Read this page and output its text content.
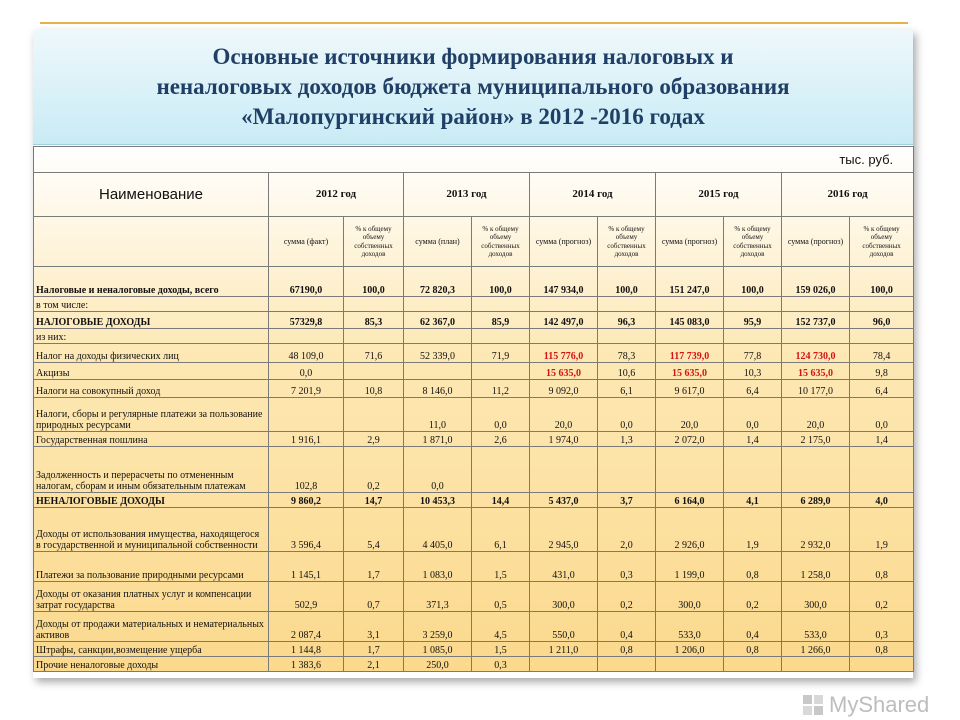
Основные источники формирования налоговых и
неналоговых доходов бюджета муниципального образования
«Малопургинский район» в 2012 -2016 годах
тыс. руб.										
Наименование	2012 год		2013 год		2014 год		2015 год		2016 год	
	сумма (факт)	% к общему объему собственных доходов	сумма (план)	% к общему объему собственных доходов	сумма (прогноз)	% к общему объему собственных доходов	сумма (прогноз)	% к общему объему собственных доходов	сумма (прогноз)	% к общему объему собственных доходов
Налоговые и неналоговые доходы, всего	67190,0	100,0	72 820,3	100,0	147 934,0	100,0	151 247,0	100,0	159 026,0	100,0
в том числе:										
НАЛОГОВЫЕ ДОХОДЫ	57329,8	85,3	62 367,0	85,9	142 497,0	96,3	145 083,0	95,9	152 737,0	96,0
из них:										
Налог на доходы физических лиц	48 109,0	71,6	52 339,0	71,9	115 776,0	78,3	117 739,0	77,8	124 730,0	78,4
Акцизы	0,0				15 635,0	10,6	15 635,0	10,3	15 635,0	9,8
Налоги на совокупный доход	7 201,9	10,8	8 146,0	11,2	9 092,0	6,1	9 617,0	6,4	10 177,0	6,4
Налоги, сборы и регулярные платежи за пользование природных ресурсами			11,0	0,0	20,0	0,0	20,0	0,0	20,0	0,0
Государственная пошлина	1 916,1	2,9	1 871,0	2,6	1 974,0	1,3	2 072,0	1,4	2 175,0	1,4
Задолженность и перерасчеты по отмененным налогам, сборам и иным обязательным платежам	102,8	0,2	0,0							
НЕНАЛОГОВЫЕ ДОХОДЫ	9 860,2	14,7	10 453,3	14,4	5 437,0	3,7	6 164,0	4,1	6 289,0	4,0
Доходы от использования имущества, находящегося в государственной и муниципальной собственности	3 596,4	5,4	4 405,0	6,1	2 945,0	2,0	2 926,0	1,9	2 932,0	1,9
Платежи за пользование природными ресурсами	1 145,1	1,7	1 083,0	1,5	431,0	0,3	1 199,0	0,8	1 258,0	0,8
Доходы от оказания платных услуг и компенсации затрат государства	502,9	0,7	371,3	0,5	300,0	0,2	300,0	0,2	300,0	0,2
Доходы от продажи материальных и нематериальных активов	2 087,4	3,1	3 259,0	4,5	550,0	0,4	533,0	0,4	533,0	0,3
Штрафы, санкции,возмещение ущерба	1 144,8	1,7	1 085,0	1,5	1 211,0	0,8	1 206,0	0,8	1 266,0	0,8
Прочие неналоговые доходы	1 383,6	2,1	250,0	0,3						
MyShared
